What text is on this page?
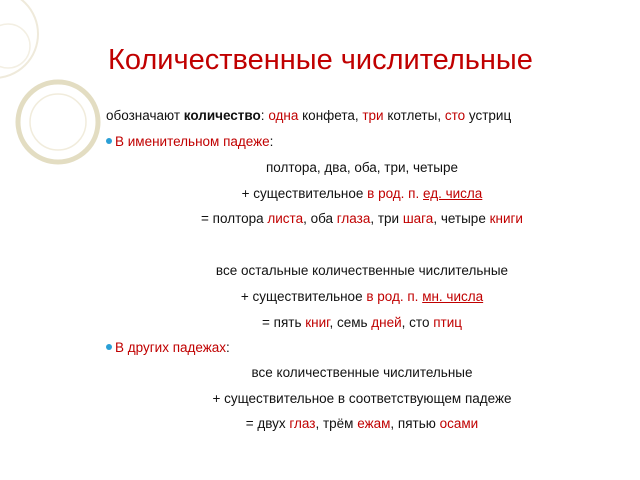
Количественные числительные
обозначают количество: одна конфета, три котлеты, сто устриц
В именительном падеже:
полтора, два, оба, три, четыре
+ существительное в род. п. ед. числа
= полтора листа, оба глаза, три шага, четыре книги
все остальные количественные числительные
+ существительное в род. п. мн. числа
= пять книг, семь дней, сто птиц
В других падежах:
все количественные числительные
+ существительное в соответствующем падеже
= двух глаз, трём ежам, пятью осами
